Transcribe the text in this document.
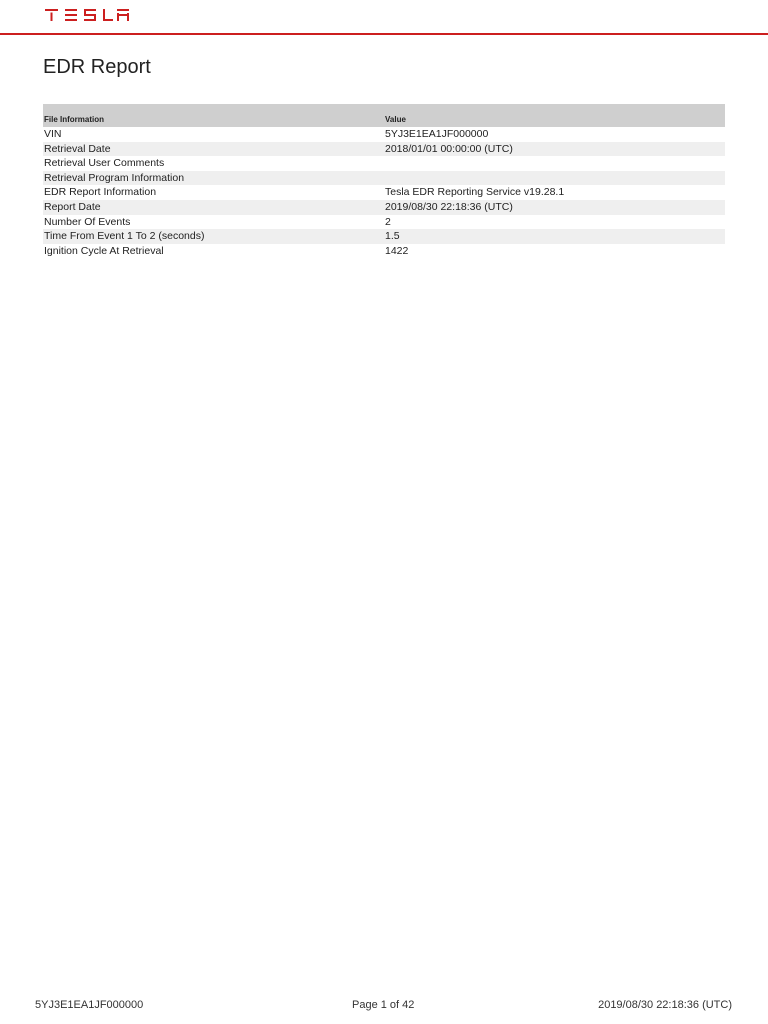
EDR Report
File Information	Value
VIN	5YJ3E1EA1JF000000
Retrieval Date	2018/01/01 00:00:00 (UTC)
Retrieval User Comments	
Retrieval Program Information	
EDR Report Information	Tesla EDR Reporting Service v19.28.1
Report Date	2019/08/30 22:18:36 (UTC)
Number Of Events	2
Time From Event 1 To 2 (seconds)	1.5
Ignition Cycle At Retrieval	1422
5YJ3E1EA1JF000000	Page 1 of 42	2019/08/30 22:18:36 (UTC)
